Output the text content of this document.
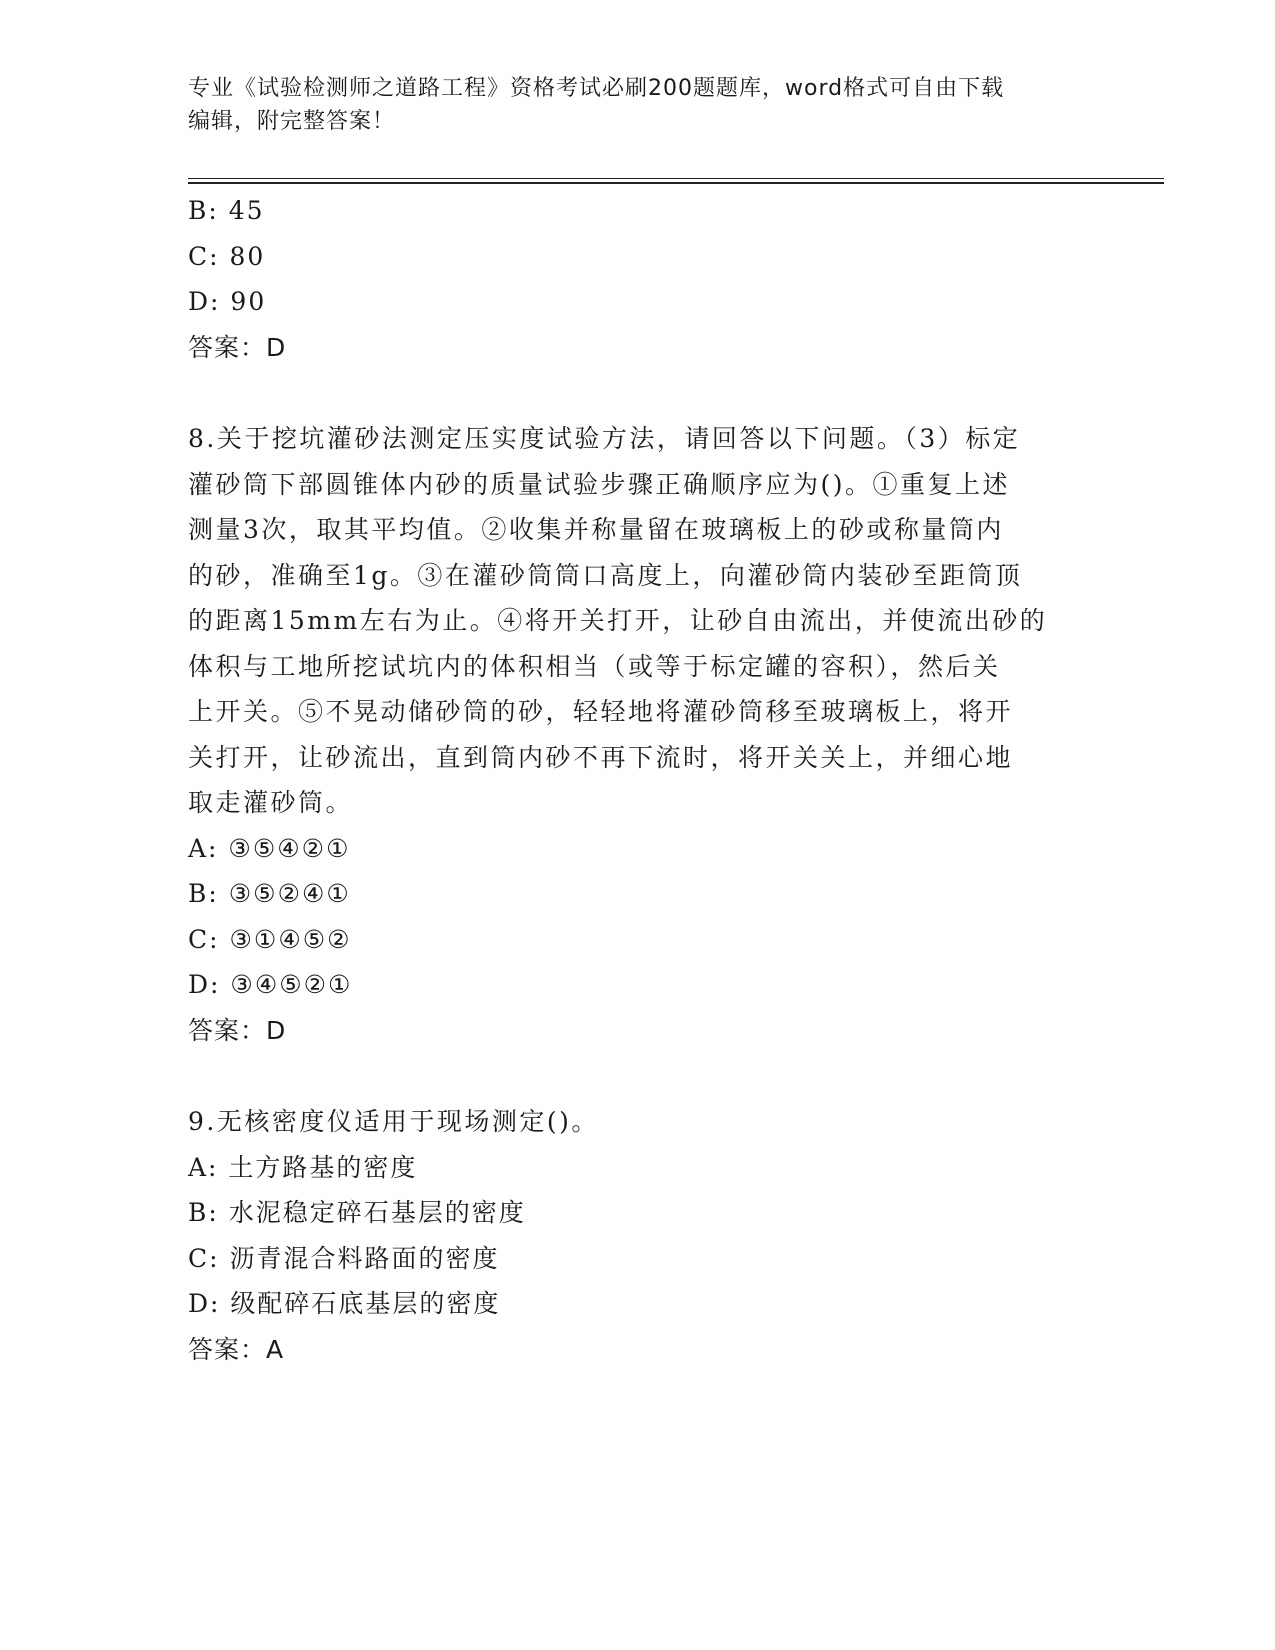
专业《试验检测师之道路工程》资格考试必刷200题题库，word格式可自由下载
编辑，附完整答案！
B: 45
C: 80
D: 90
答案：D

8.关于挖坑灌砂法测定压实度试验方法，请回答以下问题。（3）标定

灌砂筒下部圆锥体内砂的质量试验步骤正确顺序应为()。①重复上述

测量3次，取其平均值。②收集并称量留在玻璃板上的砂或称量筒内

的砂，准确至1g。③在灌砂筒筒口高度上，向灌砂筒内装砂至距筒顶

的距离15mm左右为止。④将开关打开，让砂自由流出，并使流出砂的

体积与工地所挖试坑内的体积相当（或等于标定罐的容积），然后关

上开关。⑤不晃动储砂筒的砂，轻轻地将灌砂筒移至玻璃板上，将开

关打开，让砂流出，直到筒内砂不再下流时，将开关关上，并细心地

取走灌砂筒。

A: ③⑤④②①
B: ③⑤②④①
C: ③①④⑤②
D: ③④⑤②①
答案：D

9.无核密度仪适用于现场测定()。

A: 土方路基的密度
B: 水泥稳定碎石基层的密度
C: 沥青混合料路面的密度
D: 级配碎石底基层的密度
答案：A
